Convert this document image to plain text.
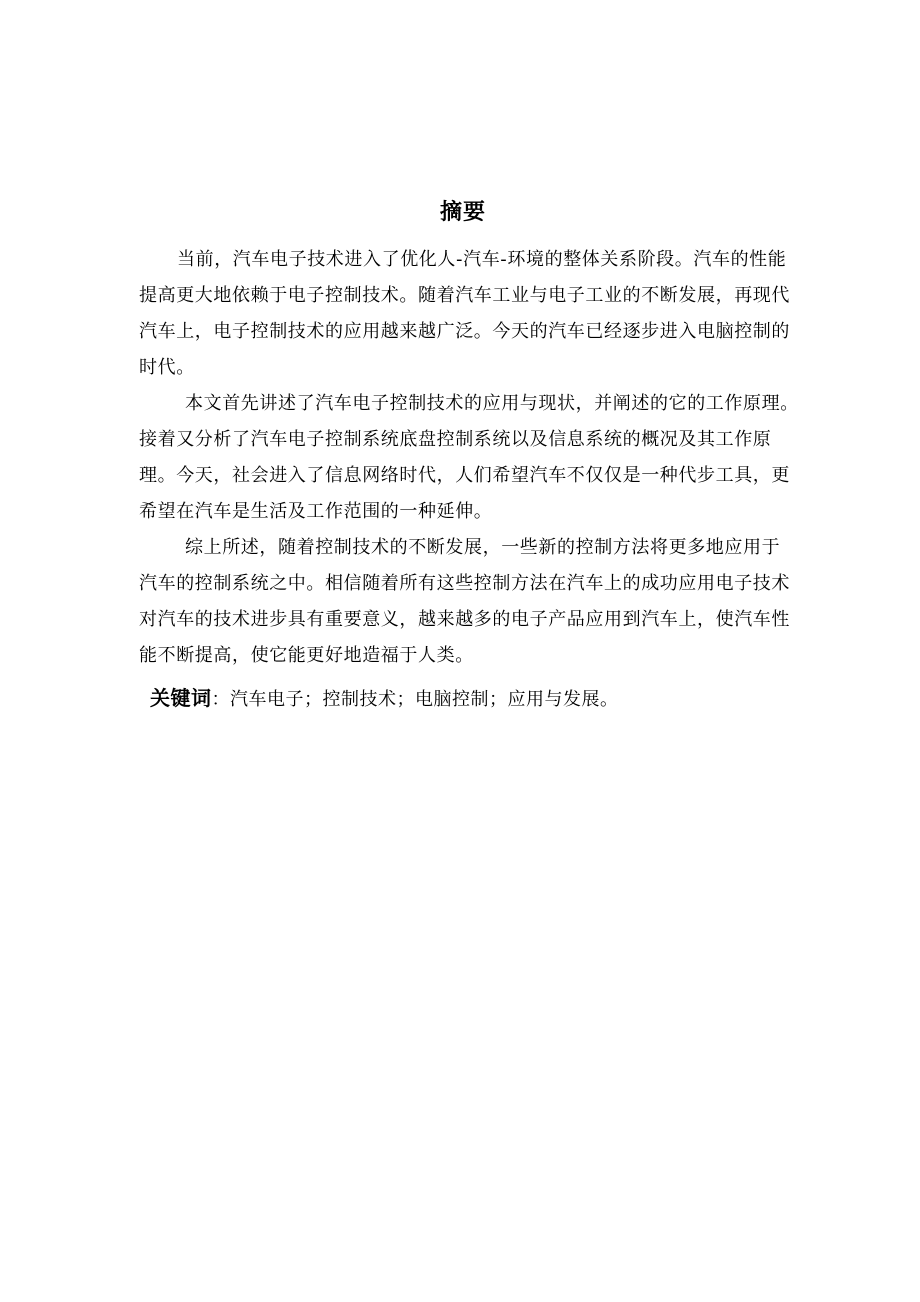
摘要
当前，汽车电子技术进入了优化人-汽车-环境的整体关系阶段。汽车的性能
提高更大地依赖于电子控制技术。随着汽车工业与电子工业的不断发展，再现代
汽车上，电子控制技术的应用越来越广泛。今天的汽车已经逐步进入电脑控制的
时代。
本文首先讲述了汽车电子控制技术的应用与现状，并阐述的它的工作原理。
接着又分析了汽车电子控制系统底盘控制系统以及信息系统的概况及其工作原
理。今天，社会进入了信息网络时代，人们希望汽车不仅仅是一种代步工具，更
希望在汽车是生活及工作范围的一种延伸。
综上所述，随着控制技术的不断发展，一些新的控制方法将更多地应用于
汽车的控制系统之中。相信随着所有这些控制方法在汽车上的成功应用电子技术
对汽车的技术进步具有重要意义，越来越多的电子产品应用到汽车上，使汽车性
能不断提高，使它能更好地造福于人类。
关键词：汽车电子；控制技术；电脑控制；应用与发展。
